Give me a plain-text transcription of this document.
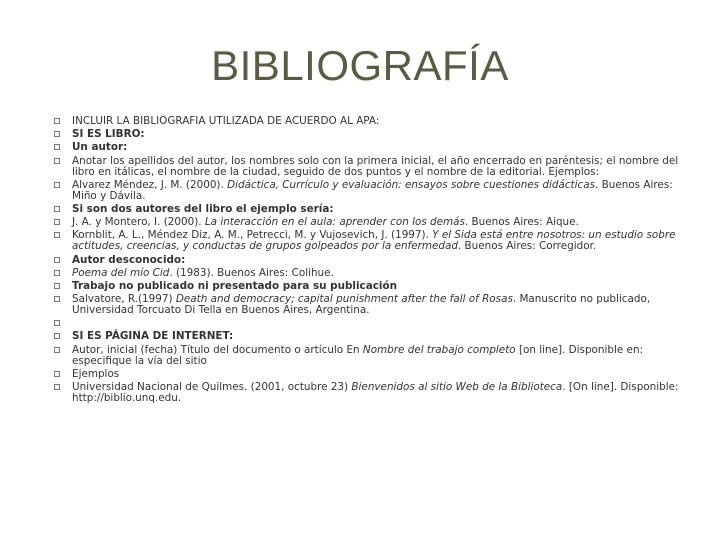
BIBLIOGRAFÍA
INCLUIR LA BIBLIOGRAFIA UTILIZADA DE ACUERDO AL APA:
SI ES LIBRO:
Un autor:
Anotar los apellidos del autor, los nombres solo con la primera inicial, el año encerrado en paréntesis; el nombre del libro en itálicas, el nombre de la ciudad, seguido de dos puntos y el nombre de la editorial. Ejemplos:
Alvarez Méndez, J. M. (2000). Didáctica, Currículo y evaluación: ensayos sobre cuestiones didácticas. Buenos Aires: Miño y Dávila.
Si son dos autores del libro el ejemplo sería:
J. A. y Montero, I. (2000). La interacción en el aula: aprender con los demás. Buenos Aires: Aique.
Kornblit, A. L., Méndez Diz, A. M., Petrecci, M. y Vujosevich, J. (1997). Y el Sida está entre nosotros: un estudio sobre actitudes, creencias, y conductas de grupos golpeados por la enfermedad. Buenos Aires: Corregidor.
Autor desconocido:
Poema del mío Cid. (1983). Buenos Aires: Colihue.
Trabajo no publicado ni presentado para su publicación
Salvatore, R.(1997) Death and democracy; capital punishment after the fall of Rosas. Manuscrito no publicado, Universidad Torcuato Di Tella en Buenos Aires, Argentina.
SI ES PÁGINA DE INTERNET:
Autor, inicial (fecha) Título del documento o artículo En Nombre del trabajo completo [on line]. Disponible en: especifique la vía del sitio
Ejemplos
Universidad Nacional de Quilmes. (2001, octubre 23) Bienvenidos al sitio Web de la Biblioteca. [On line]. Disponible: http://biblio.unq.edu.
